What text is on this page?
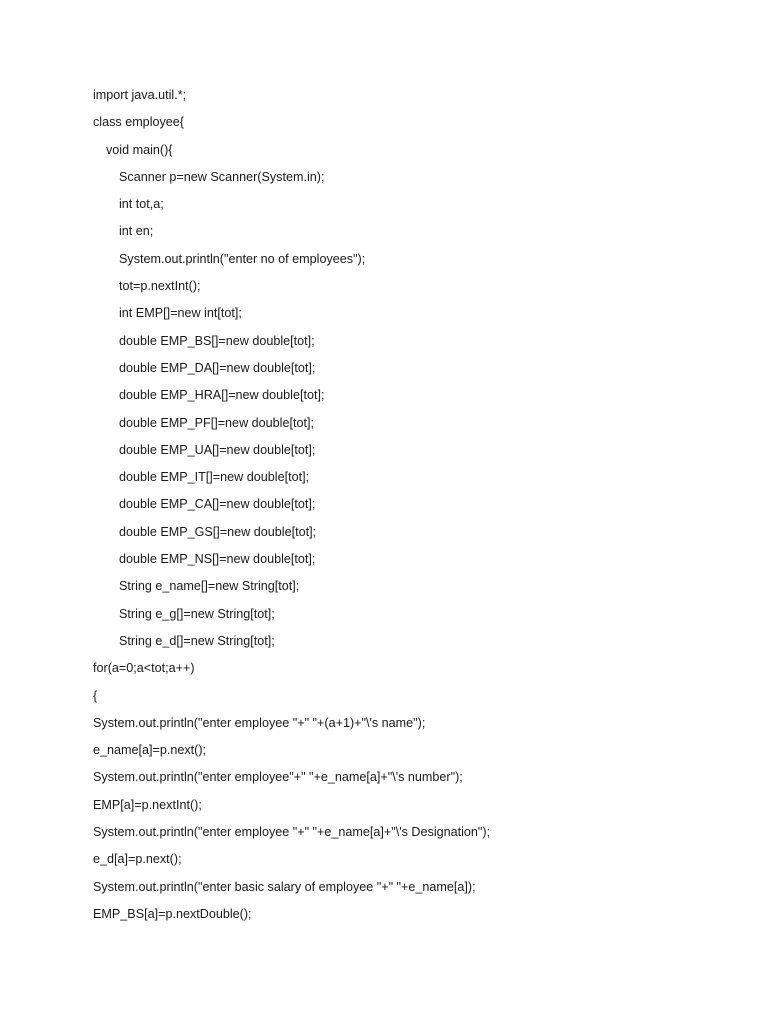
import java.util.*;
class employee{
void main(){
Scanner p=new Scanner(System.in);
int tot,a;
int en;
System.out.println("enter no of employees");
tot=p.nextInt();
int EMP[]=new int[tot];
double EMP_BS[]=new double[tot];
double EMP_DA[]=new double[tot];
double EMP_HRA[]=new double[tot];
double EMP_PF[]=new double[tot];
double EMP_UA[]=new double[tot];
double EMP_IT[]=new double[tot];
double EMP_CA[]=new double[tot];
double EMP_GS[]=new double[tot];
double EMP_NS[]=new double[tot];
String e_name[]=new String[tot];
String e_g[]=new String[tot];
String e_d[]=new String[tot];
for(a=0;a<tot;a++)
{
System.out.println("enter employee "+" "+(a+1)+"\'s name");
e_name[a]=p.next();
System.out.println("enter employee"+" "+e_name[a]+"\'s number");
EMP[a]=p.nextInt();
System.out.println("enter employee "+" "+e_name[a]+"\'s Designation");
e_d[a]=p.next();
System.out.println("enter basic salary of employee "+" "+e_name[a]);
EMP_BS[a]=p.nextDouble();
